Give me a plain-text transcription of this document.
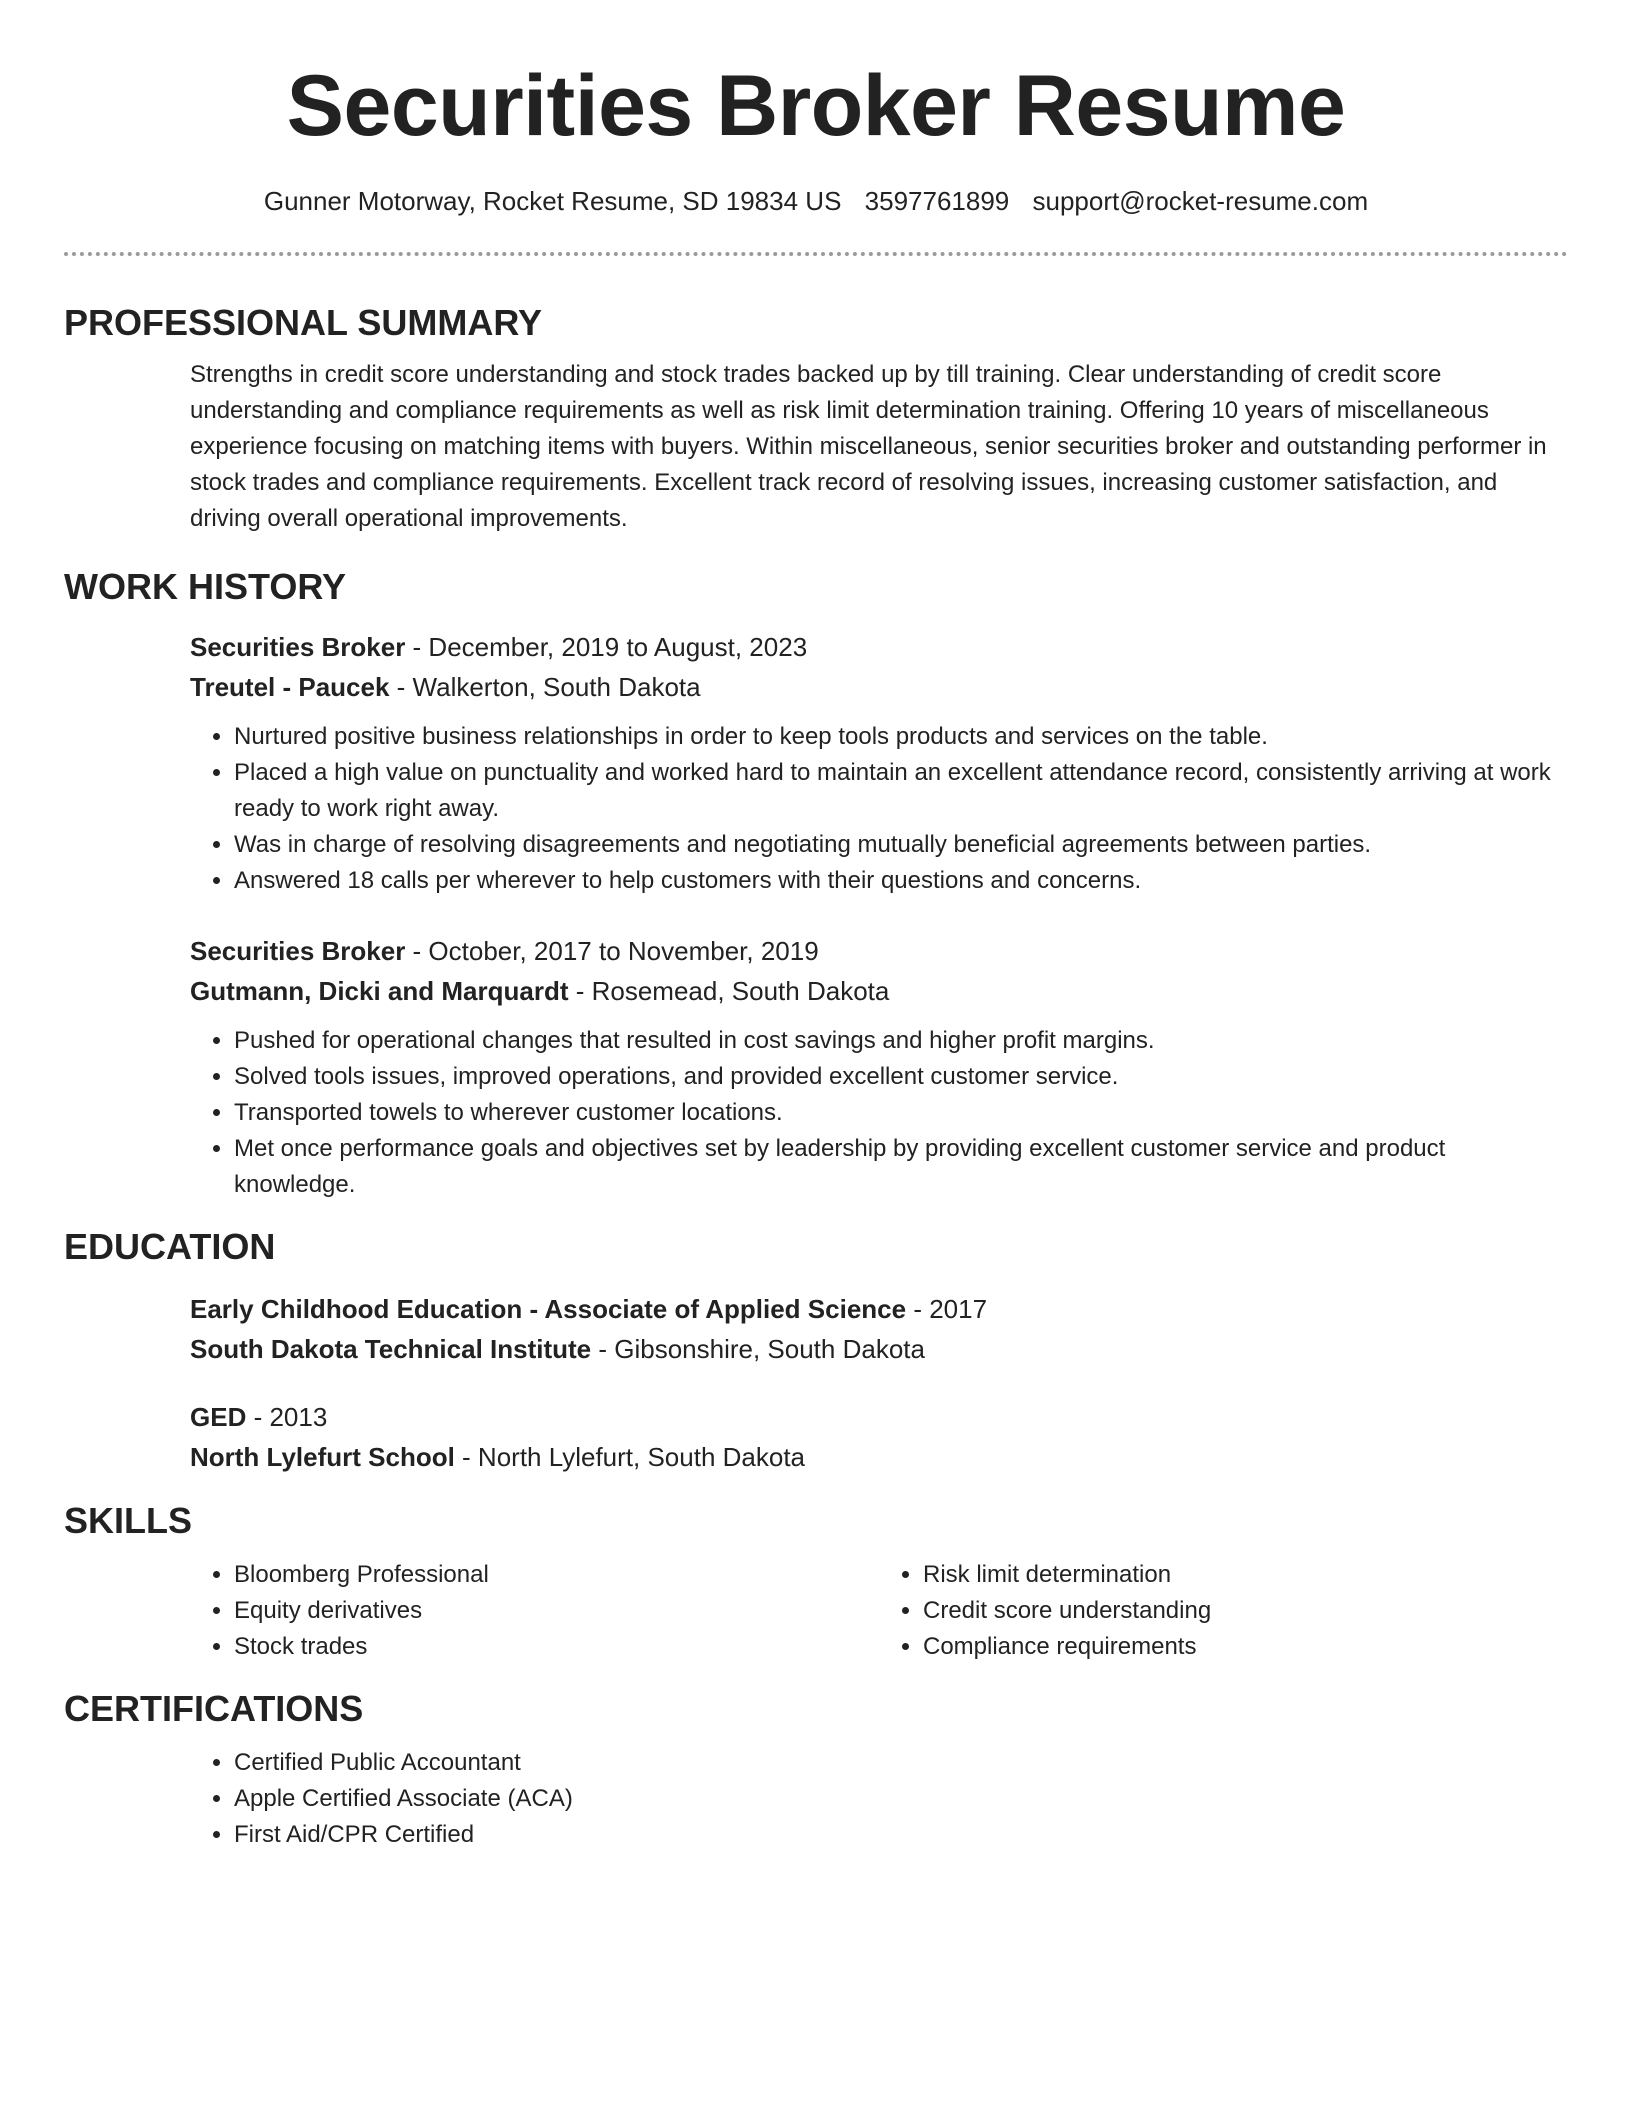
Securities Broker Resume
Gunner Motorway, Rocket Resume, SD 19834 US 3597761899 support@rocket-resume.com
PROFESSIONAL SUMMARY

Strengths in credit score understanding and stock trades backed up by till training. Clear understanding of credit score understanding and compliance requirements as well as risk limit determination training. Offering 10 years of miscellaneous experience focusing on matching items with buyers. Within miscellaneous, senior securities broker and outstanding performer in stock trades and compliance requirements. Excellent track record of resolving issues, increasing customer satisfaction, and driving overall operational improvements.

WORK HISTORY
Securities Broker - December, 2019 to August, 2023
Treutel - Paucek - Walkerton, South Dakota
• Nurtured positive business relationships in order to keep tools products and services on the table.
• Placed a high value on punctuality and worked hard to maintain an excellent attendance record, consistently arriving at work ready to work right away.
• Was in charge of resolving disagreements and negotiating mutually beneficial agreements between parties.
• Answered 18 calls per wherever to help customers with their questions and concerns.
Securities Broker - October, 2017 to November, 2019
Gutmann, Dicki and Marquardt - Rosemead, South Dakota
• Pushed for operational changes that resulted in cost savings and higher profit margins.
• Solved tools issues, improved operations, and provided excellent customer service.
• Transported towels to wherever customer locations.
• Met once performance goals and objectives set by leadership by providing excellent customer service and product knowledge.
EDUCATION
Early Childhood Education - Associate of Applied Science - 2017
South Dakota Technical Institute - Gibsonshire, South Dakota
GED - 2013
North Lylefurt School - North Lylefurt, South Dakota
SKILLS
• Bloomberg Professional
• Equity derivatives
• Stock trades
• Risk limit determination
• Credit score understanding
• Compliance requirements
CERTIFICATIONS
• Certified Public Accountant
• Apple Certified Associate (ACA)
• First Aid/CPR Certified
